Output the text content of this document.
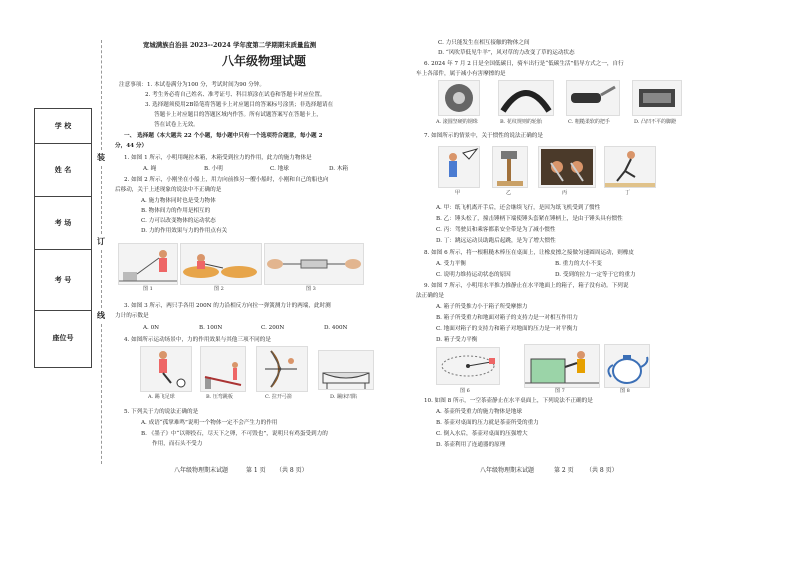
学 校
姓 名
考 场
考 号
座位号
装
订
线
宽城满族自治县 2023--2024 学年度第二学期期末质量监测
八年级物理试题
注意事项：1. 本试卷满分为100 分，考试时间为90 分钟。
2. 考生务必将自己姓名、准考证号、科目填涂在试卷和答题卡对应位置。
3. 选择题须使用2B铅笔将答题卡上对应题目的答案标号涂黑；非选择题请在
答题卡上对应题目的答题区域内作答。所有试题答案写在答题卡上，
答在试卷上无效。
一、 选择题（本大题共 22 个小题，每小题中只有一个选项符合题意，每小题 2
分，44 分）
1. 如图 1 所示，小明用绳拉木箱，木箱受到拉力的作用，此力的施力物体是
A. 绳	B. 小明	C. 地球	D. 木箱
2. 如图 2 所示，小刚坐在小船上，用力向前推另一艘小船时，小刚和自己的船也向
后移动，关于上述现象的说法中不正确的是
A. 施力物体同时也是受力物体
B. 物体间力的作用是相互的
C. 力可以改变物体的运动状态
D. 力的作用效果与力的作用点有关
图 1	图 2	图 3
3. 如图 3 所示，两只手各用 200N 的力沿相反方向拉一弹簧测力计的两端，此时测
力计的示数是
A. 0N	B. 100N	C. 200N	D. 400N
4. 如图所示运动场景中，力的作用效果与其他三项不同的是
A. 踢飞足球	B. 压弯跳板	C. 拉开弓箭	D. 蹦床凹陷
5. 下列关于力的说法正确的是
A. 成语“孤掌难鸣”说明一个物体一定不会产生力的作用
B. 《墨子》中“以卵投石，尽天下之卵，不可毁也”，说明只有鸡蛋受到力的
作用，而石头不受力
八年级物理期末试题	第 1 页 （共 8 页）
C. 力只能发生在相互接触的物体之间
D. “风吹草低见牛羊”，风对草的力改变了草的运动状态
6. 2024 年 7 月 2 日是全国低碳日，骑车出行是“低碳生活”倡导方式之一，自行
车上各部件，属于减小有害摩擦的是
A. 滚圆坚硬的钢珠	B. 花纹规则的轮胎	C. 粗糙柔软的把手	D. 凸凹不平的脚蹬
7. 如图所示的情景中，关于惯性的说法正确的是
甲	乙	丙	丁
A. 甲：纸飞机离开手后，还会继续飞行，是因为纸飞机受到了惯性
B. 乙：锤头松了，撞击锤柄下端使锤头套紧在锤柄上，是由于锤头具有惯性
C. 丙：驾驶员和乘客都系安全带是为了减小惯性
D. 丁：跳远运动员助跑后起跳，是为了增大惯性
8. 如图 6 所示，将一根粗糙木棒压在桌面上，让橡皮擦之接做匀速圆周运动，则橡皮
A. 受力平衡	B. 重力的大小不变
C. 说明力维持运动状态的原因	D. 受到的拉力一定等于它的重力
9. 如图 7 所示，小明用水平推力推静止在水平地面上的箱子，箱子没有动。下列说
法正确的是
A. 箱子所受推力小于箱子所受摩擦力
B. 箱子所受重力和地面对箱子的支持力是一对相互作用力
C. 地面对箱子的支持力和箱子对地面的压力是一对平衡力
D. 箱子受力平衡
图 6	图 7	图 8
10. 如图 8 所示，一空茶壶静止在水平桌面上，下列说法不正确的是
A. 茶壶所受重力的施力物体是地球
B. 茶壶对桌面的压力就是茶壶所受的重力
C. 倒入水后，茶壶对桌面的压强增大
D. 茶壶利用了连通器的原理
八年级物理期末试题	第 2 页 （共 8 页）
